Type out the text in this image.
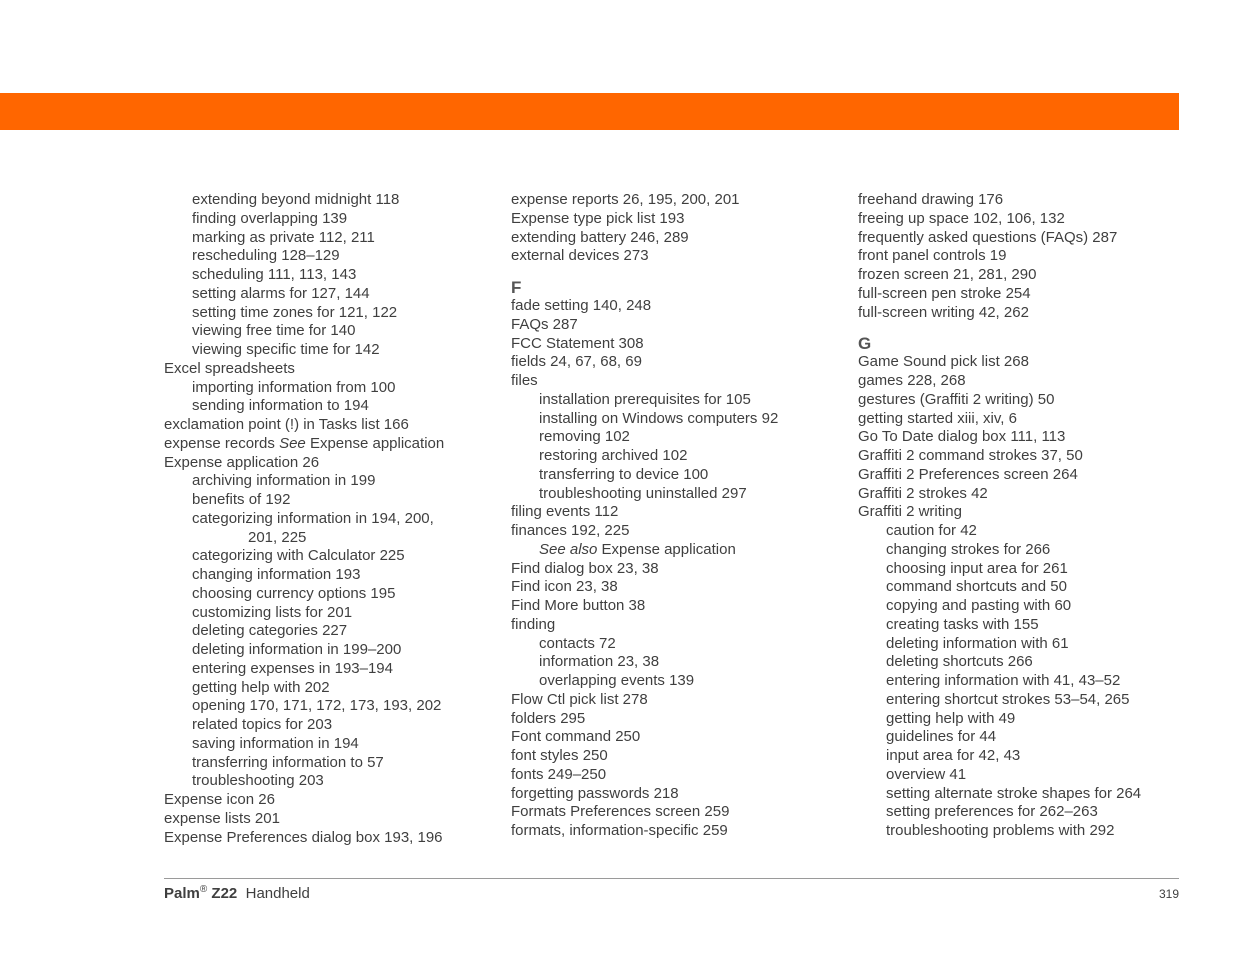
extending beyond midnight 118
finding overlapping 139
marking as private 112, 211
rescheduling 128–129
scheduling 111, 113, 143
setting alarms for 127, 144
setting time zones for 121, 122
viewing free time for 140
viewing specific time for 142
Excel spreadsheets
importing information from 100
sending information to 194
exclamation point (!) in Tasks list 166
expense records See Expense application
Expense application 26
archiving information in 199
benefits of 192
categorizing information in 194, 200,
201, 225
categorizing with Calculator 225
changing information 193
choosing currency options 195
customizing lists for 201
deleting categories 227
deleting information in 199–200
entering expenses in 193–194
getting help with 202
opening 170, 171, 172, 173, 193, 202
related topics for 203
saving information in 194
transferring information to 57
troubleshooting 203
Expense icon 26
expense lists 201
Expense Preferences dialog box 193, 196
expense reports 26, 195, 200, 201
Expense type pick list 193
extending battery 246, 289
external devices 273
F
fade setting 140, 248
FAQs 287
FCC Statement 308
fields 24, 67, 68, 69
files
installation prerequisites for 105
installing on Windows computers 92
removing 102
restoring archived 102
transferring to device 100
troubleshooting uninstalled 297
filing events 112
finances 192, 225
See also Expense application
Find dialog box 23, 38
Find icon 23, 38
Find More button 38
finding
contacts 72
information 23, 38
overlapping events 139
Flow Ctl pick list 278
folders 295
Font command 250
font styles 250
fonts 249–250
forgetting passwords 218
Formats Preferences screen 259
formats, information-specific 259
freehand drawing 176
freeing up space 102, 106, 132
frequently asked questions (FAQs) 287
front panel controls 19
frozen screen 21, 281, 290
full-screen pen stroke 254
full-screen writing 42, 262
G
Game Sound pick list 268
games 228, 268
gestures (Graffiti 2 writing) 50
getting started xiii, xiv, 6
Go To Date dialog box 111, 113
Graffiti 2 command strokes 37, 50
Graffiti 2 Preferences screen 264
Graffiti 2 strokes 42
Graffiti 2 writing
caution for 42
changing strokes for 266
choosing input area for 261
command shortcuts and 50
copying and pasting with 60
creating tasks with 155
deleting information with 61
deleting shortcuts 266
entering information with 41, 43–52
entering shortcut strokes 53–54, 265
getting help with 49
guidelines for 44
input area for 42, 43
overview 41
setting alternate stroke shapes for 264
setting preferences for 262–263
troubleshooting problems with 292
Palm® Z22 Handheld	319
